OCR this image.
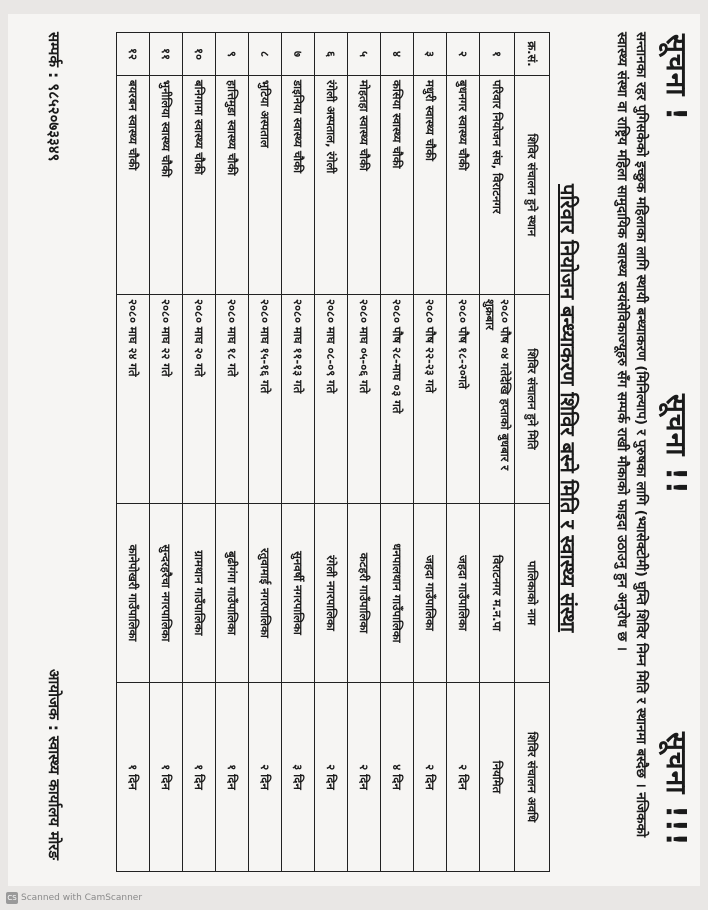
सूचना !
सूचना !!
सूचना !!!
सन्तानका रहर पुगिसकेको इच्छुक महिलाका लागि स्थायी बन्ध्याकरण (मिनिल्याप) र पुरुषका लागि (भ्यासेक्टोमी) घुम्ति शिविर निम्न मिति र स्थानमा बस्दैछ । नजिकको स्वास्थ्य संस्था वा राष्ट्रिय महिला सामुदायिक स्वास्थ्य स्वयंसेविकाज्यूहरु सँग सम्पर्क राखी मौकाको फाइदा उठाउनु हुन अनुरोध छ ।
परिवार नियोजन बन्ध्याकरण शिविर बस्ने मिति र स्वास्थ्य संस्था
क्र.सं.	शिविर संचालन हुने स्थान	शिविर संचालन हुने मिति	पालिकाको नाम	शिविर संचालन अवधि
१	परिवार नियोजन संघ, विराटनगर	२०८० पौष ०४ गतेदेखि हप्ताको बुधबार र शुक्रबार	विराटनगर म.न.पा	नियमित
२	बुधनगर स्वास्थ्य चौकी	२०८० पौष १८-२०गते	जहदा गाउँपालिका	२ दिन
३	मधुरी स्वास्थ्य चौकी	२०८० पौष २२-२३ गते	जहदा गाउँपालिका	२ दिन
४	कसिया स्वास्थ्य चौकी	२०८० पौष २८-माघ ०३ गते	धनपालथान गाउँपालिका	४ दिन
५	मोहतहा स्वास्थ्य चौकी	२०८० माघ ०५-०६ गते	कटहरी गाउँपालिका	२ दिन
६	रंगेली अस्पताल, रंगेली	२०८० माघ ०८-०९ गते	रंगेली नगरपालिका	२ दिन
७	डाइनिया स्वास्थ्य चौकी	२०८० माघ ११-१३ गते	सुनवर्षी नगरपालिका	३ दिन
८	भुटिया अस्पताल	२०८० माघ १५-१६ गते	रतुवामाई नगरपालिका	२ दिन
९	हात्तिमुडा स्वास्थ्य चौकी	२०८० माघ १८ गते	बुढीगंगा गाउँपालिका	१ दिन
१०	बनिगामा स्वास्थ्य चौकी	२०८० माघ २० गते	ग्रामथान गाउँपालिका	१ दिन
११	भुनीलिया स्वास्थ्य चौकी	२०८० माघ २२ गते	सुन्दरहरैचा नगरपालिका	१ दिन
१२	बयरबन स्वास्थ्य चौकी	२०८० माघ २४ गते	कानेपोखरी गाउँपालिका	१ दिन
सम्पर्क : ९८५२०७३३४९
आयोजक : स्वास्थ्य कार्यालय मोरङ
CS Scanned with CamScanner
